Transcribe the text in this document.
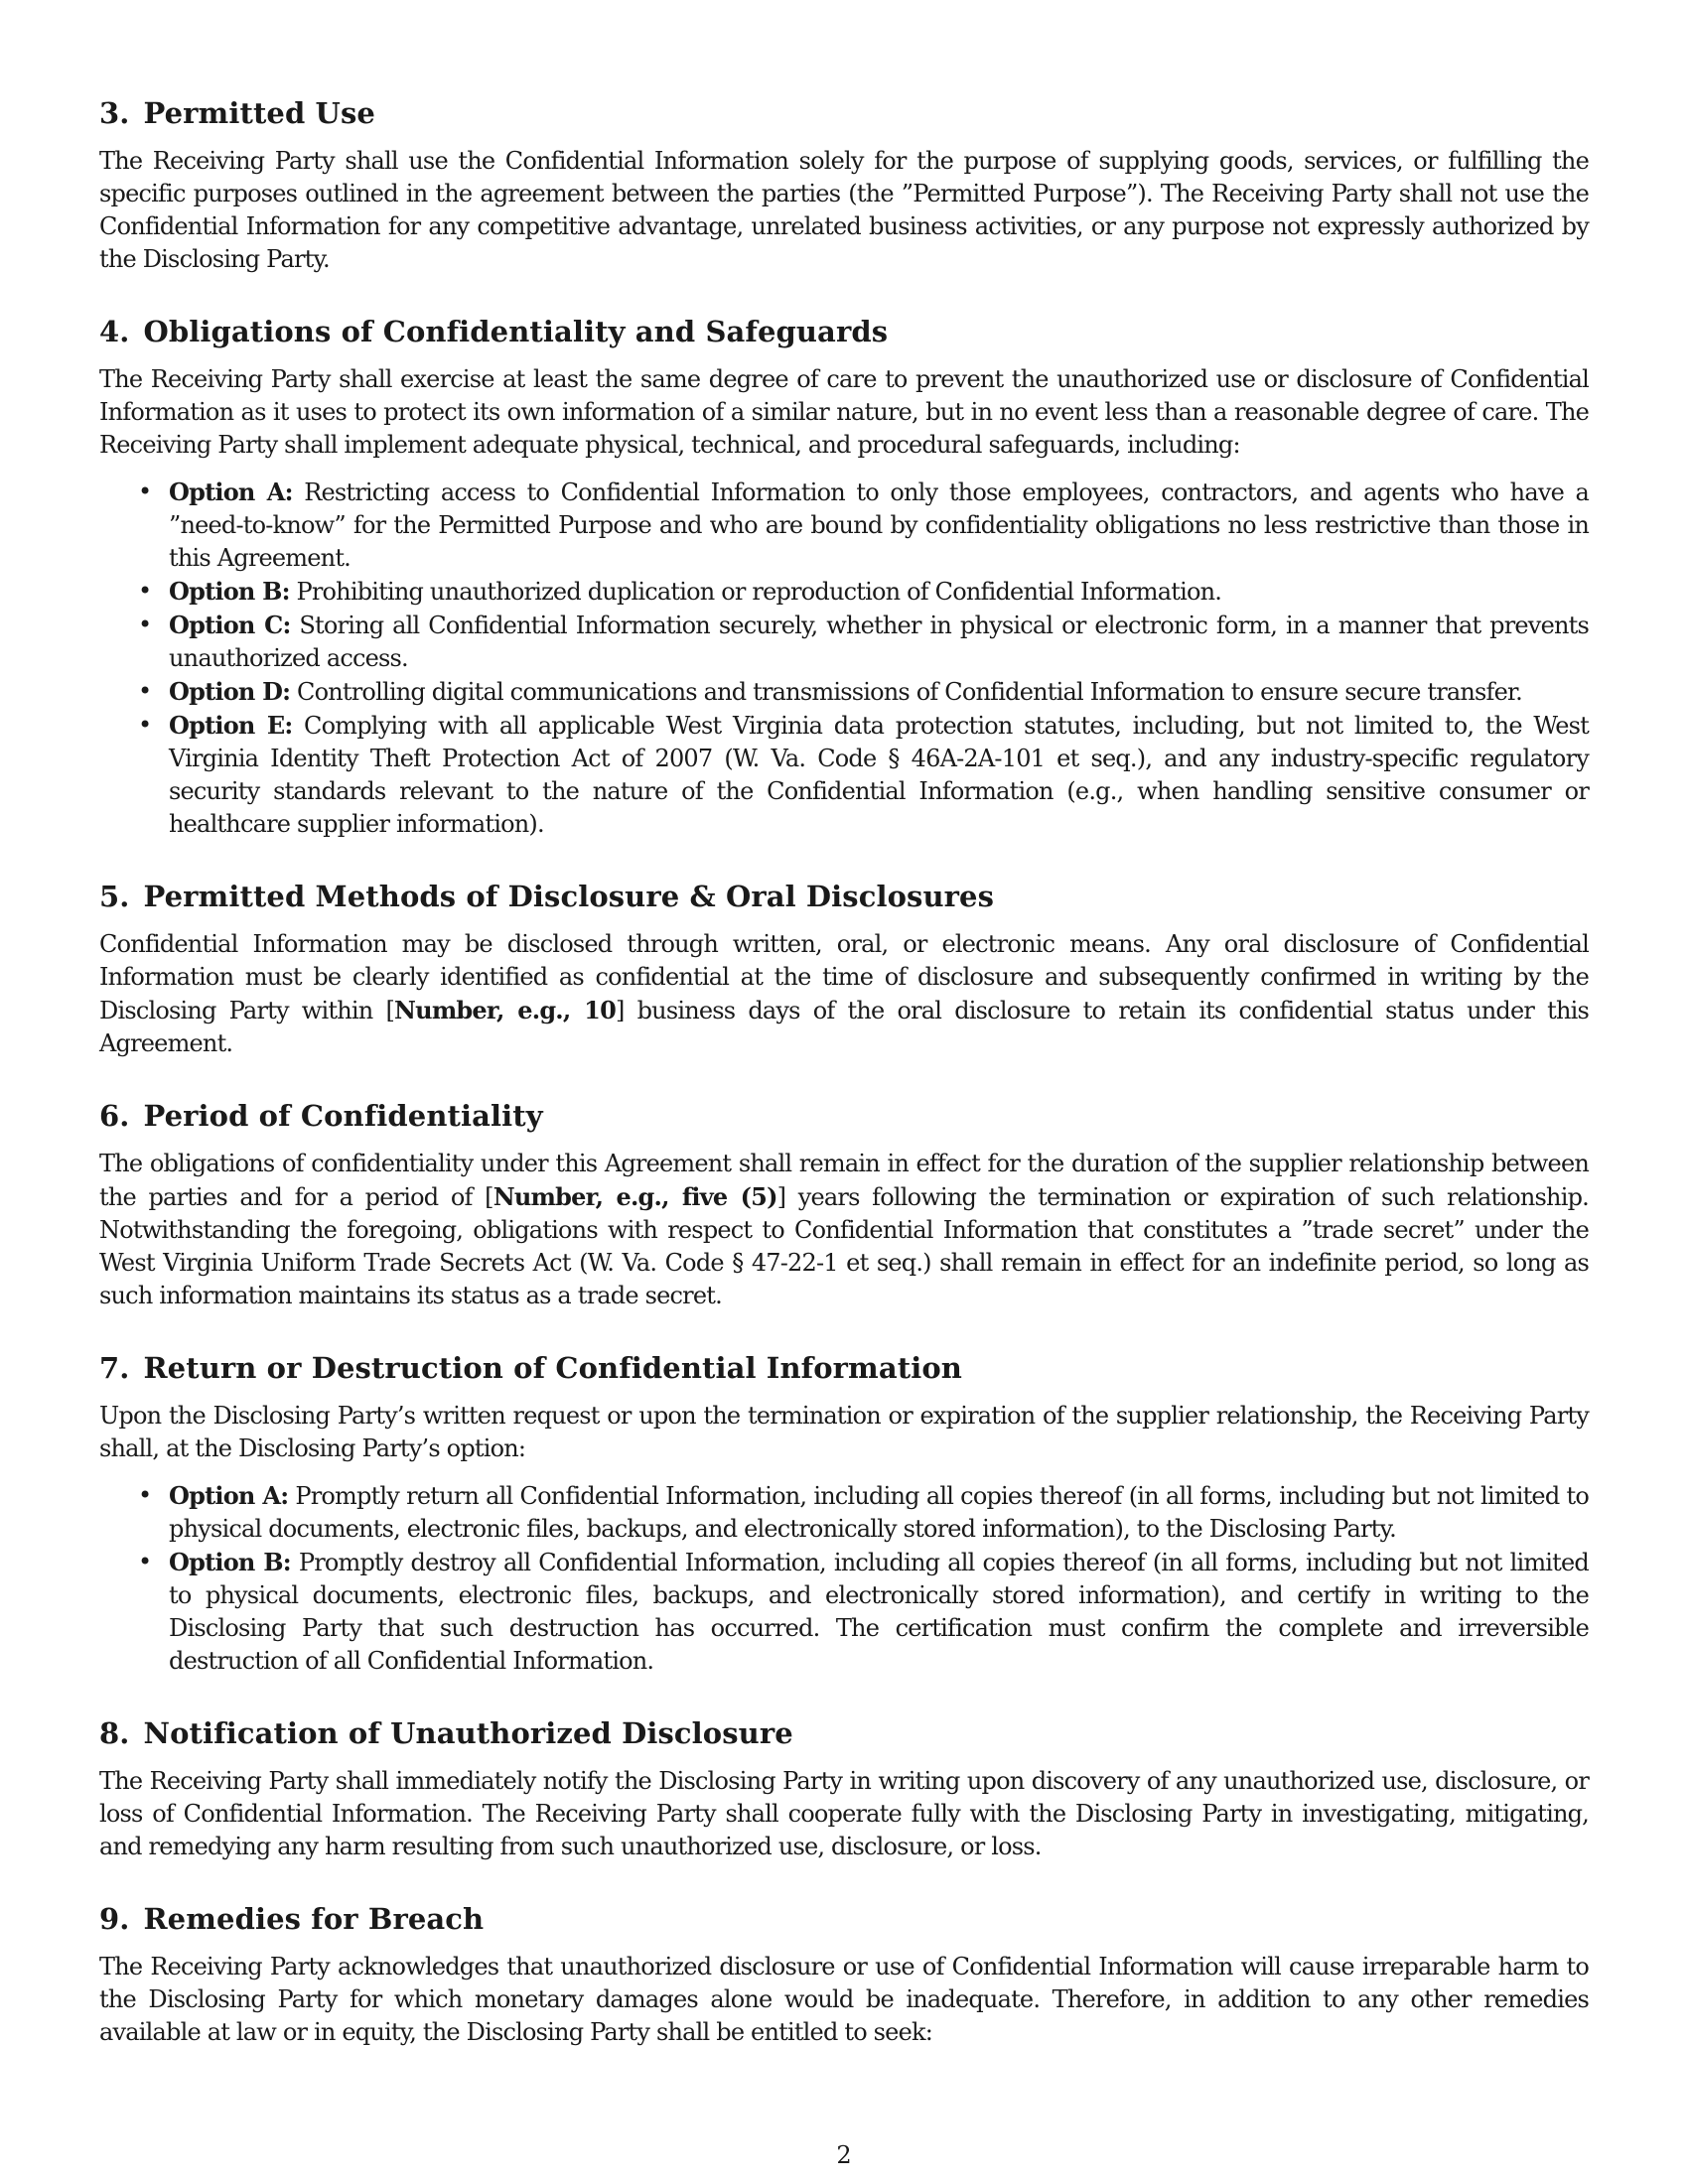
3. Permitted Use

The Receiving Party shall use the Confidential Information solely for the purpose of supplying goods, services, or fulfilling the specific purposes outlined in the agreement between the parties (the ”Permitted Purpose”). The Receiving Party shall not use the Confidential Information for any competitive advantage, unrelated business activities, or any purpose not expressly authorized by the Disclosing Party.

4. Obligations of Confidentiality and Safeguards

The Receiving Party shall exercise at least the same degree of care to prevent the unauthorized use or disclosure of Confidential Information as it uses to protect its own information of a similar nature, but in no event less than a reasonable degree of care. The Receiving Party shall implement adequate physical, technical, and procedural safeguards, including:

• Option A: Restricting access to Confidential Information to only those employees, contractors, and agents who have a ”need-to-know” for the Permitted Purpose and who are bound by confidentiality obligations no less restrictive than those in this Agreement.
• Option B: Prohibiting unauthorized duplication or reproduction of Confidential Information.
• Option C: Storing all Confidential Information securely, whether in physical or electronic form, in a manner that prevents unauthorized access.
• Option D: Controlling digital communications and transmissions of Confidential Information to ensure secure transfer.
• Option E: Complying with all applicable West Virginia data protection statutes, including, but not limited to, the West Virginia Identity Theft Protection Act of 2007 (W. Va. Code § 46A-2A-101 et seq.), and any industry-specific regulatory security standards relevant to the nature of the Confidential Information (e.g., when handling sensitive consumer or healthcare supplier information).
5. Permitted Methods of Disclosure & Oral Disclosures

Confidential Information may be disclosed through written, oral, or electronic means. Any oral disclosure of Confidential Information must be clearly identified as confidential at the time of disclosure and subsequently confirmed in writing by the Disclosing Party within [Number, e.g., 10] business days of the oral disclosure to retain its confidential status under this Agreement.

6. Period of Confidentiality

The obligations of confidentiality under this Agreement shall remain in effect for the duration of the supplier relationship between the parties and for a period of [Number, e.g., five (5)] years following the termination or expiration of such relationship. Notwithstanding the foregoing, obligations with respect to Confidential Information that constitutes a ”trade secret” under the West Virginia Uniform Trade Secrets Act (W. Va. Code § 47-22-1 et seq.) shall remain in effect for an indefinite period, so long as such information maintains its status as a trade secret.

7. Return or Destruction of Confidential Information

Upon the Disclosing Party’s written request or upon the termination or expiration of the supplier relationship, the Receiving Party shall, at the Disclosing Party’s option:

• Option A: Promptly return all Confidential Information, including all copies thereof (in all forms, including but not limited to physical documents, electronic files, backups, and electronically stored information), to the Disclosing Party.
• Option B: Promptly destroy all Confidential Information, including all copies thereof (in all forms, including but not limited to physical documents, electronic files, backups, and electronically stored information), and certify in writing to the Disclosing Party that such destruction has occurred. The certification must confirm the complete and irreversible destruction of all Confidential Information.
8. Notification of Unauthorized Disclosure

The Receiving Party shall immediately notify the Disclosing Party in writing upon discovery of any unauthorized use, disclosure, or loss of Confidential Information. The Receiving Party shall cooperate fully with the Disclosing Party in investigating, mitigating, and remedying any harm resulting from such unauthorized use, disclosure, or loss.

9. Remedies for Breach

The Receiving Party acknowledges that unauthorized disclosure or use of Confidential Information will cause irreparable harm to the Disclosing Party for which monetary damages alone would be inadequate. Therefore, in addition to any other remedies available at law or in equity, the Disclosing Party shall be entitled to seek:

2
